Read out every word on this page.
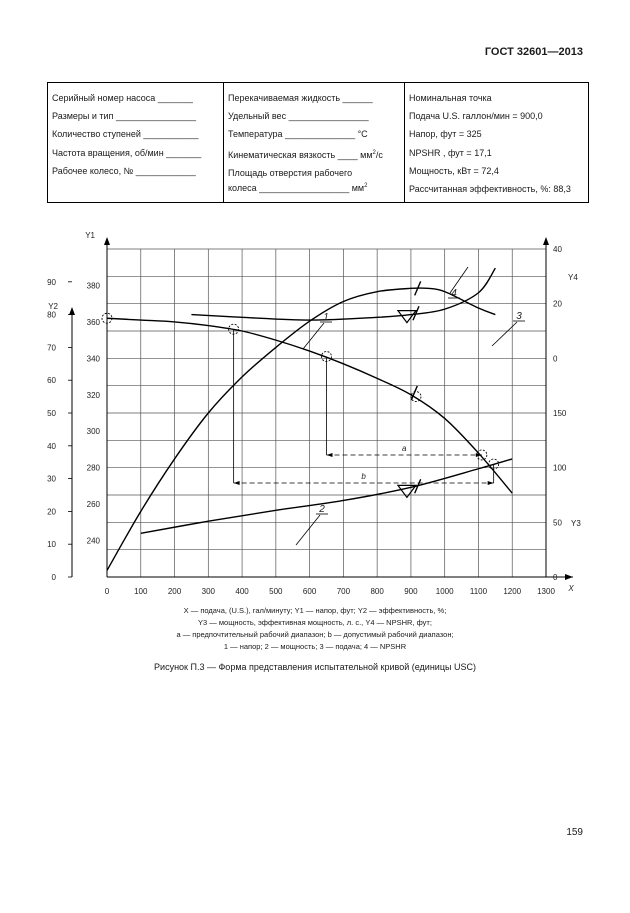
ГОСТ 32601—2013
Серийный номер насоса _______
Размеры и тип ________________
Количество ступеней ___________
Частота вращения, об/мин _______
Рабочее колесо, № ____________

Перекачиваемая жидкость ______
Удельный вес ________________
Температура ______________ °С
Кинематическая вязкость ____ $мм^2/с$
Площадь отверстия рабочего
колеса __________________ $мм^2$

Номинальная точка
Подача U.S. галлон/мин = 900,0
Напор, фут = 325
NPSHR , фут = 17,1
Мощность, кВт = 72,4
Рассчитанная эффективность, %: 88,3
0	100	200	300	400	500	600	700	800	900 1000 1100 1200 1300 X
240
260
280
300
320
340
360
380
Y1
0
10
20
30
40
50
60
70
80
90
Y2
0
50
100
150
Y3
0
20
40
Y4
a
b
1
2
3
4
X — подача, (U.S.), гал/минуту; Y1 — напор, фут; Y2 — эффективность, %;
Y3 — мощность, эффективная мощность, л. с., Y4 — NPSHR, фут;
a — предпочтительный рабочий диапазон; b — допустимый рабочий диапазон;
1 — напор; 2 — мощность; 3 — подача; 4 — NPSHR
Рисунок П.3 — Форма представления испытательной кривой (единицы USC)
159
